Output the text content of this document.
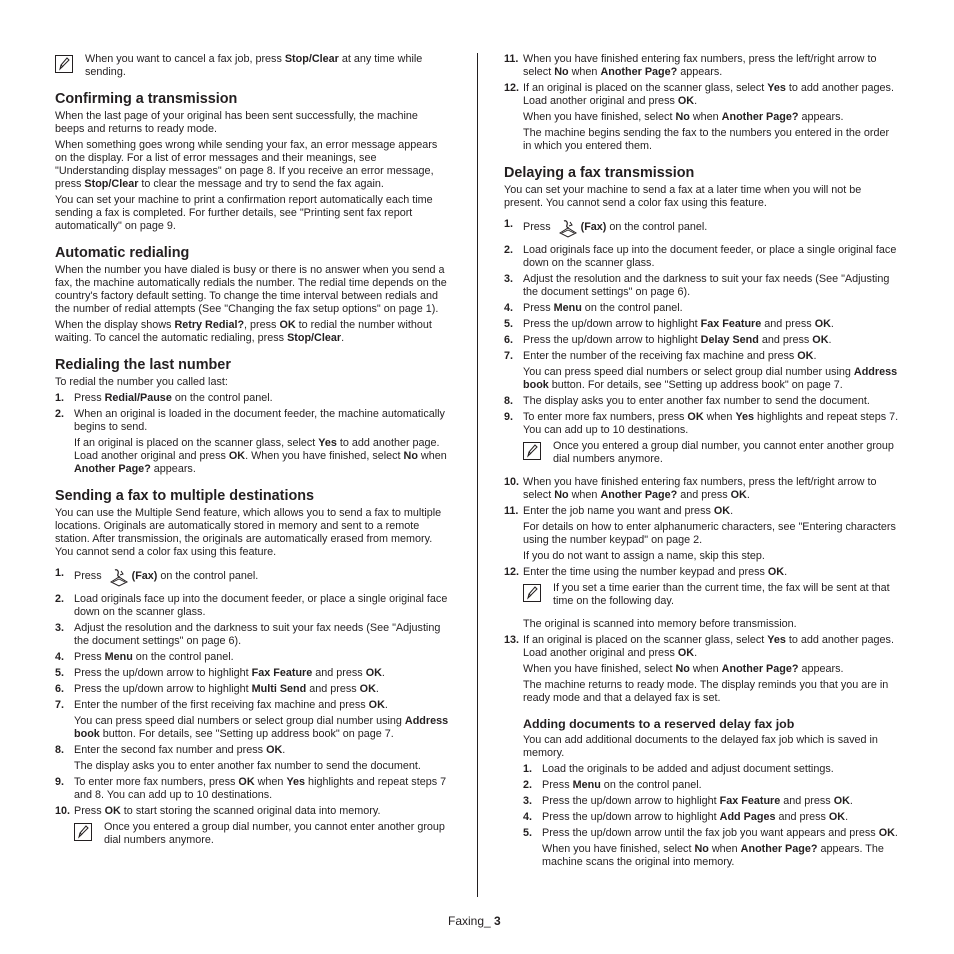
When you want to cancel a fax job, press Stop/Clear at any time while sending.
Confirming a transmission

When the last page of your original has been sent successfully, the machine beeps and returns to ready mode.

When something goes wrong while sending your fax, an error message appears on the display. For a list of error messages and their meanings, see "Understanding display messages" on page 8. If you receive an error message, press Stop/Clear to clear the message and try to send the fax again.

You can set your machine to print a confirmation report automatically each time sending a fax is completed. For further details, see "Printing sent fax report automatically" on page 9.

Automatic redialing

When the number you have dialed is busy or there is no answer when you send a fax, the machine automatically redials the number. The redial time depends on the country's factory default setting. To change the time interval between redials and the number of redial attempts (See "Changing the fax setup options" on page 1).

When the display shows Retry Redial?, press OK to redial the number without waiting. To cancel the automatic redialing, press Stop/Clear.

Redialing the last number

To redial the number you called last:

1. Press Redial/Pause on the control panel.
2. When an original is loaded in the document feeder, the machine automatically begins to send.

If an original is placed on the scanner glass, select Yes to add another page. Load another original and press OK. When you have finished, select No when Another Page? appears.

Sending a fax to multiple destinations

You can use the Multiple Send feature, which allows you to send a fax to multiple locations. Originals are automatically stored in memory and sent to a remote station. After transmission, the originals are automatically erased from memory. You cannot send a color fax using this feature.

1. Press	(Fax) on the control panel.
2. Load originals face up into the document feeder, or place a single original face down on the scanner glass.
3. Adjust the resolution and the darkness to suit your fax needs (See "Adjusting the document settings" on page 6).
4. Press Menu on the control panel.
5. Press the up/down arrow to highlight Fax Feature and press OK.
6. Press the up/down arrow to highlight Multi Send and press OK.
7. Enter the number of the first receiving fax machine and press OK.

You can press speed dial numbers or select group dial number using Address book button. For details, see "Setting up address book" on page 7.

8. Enter the second fax number and press OK.

The display asks you to enter another fax number to send the document.

9. To enter more fax numbers, press OK when Yes highlights and repeat steps 7 and 8. You can add up to 10 destinations.
10. Press OK to start storing the scanned original data into memory.
Once you entered a group dial number, you cannot enter another group dial numbers anymore.
11. When you have finished entering fax numbers, press the left/right arrow to select No when Another Page? appears.
12. If an original is placed on the scanner glass, select Yes to add another pages. Load another original and press OK.

When you have finished, select No when Another Page? appears.

The machine begins sending the fax to the numbers you entered in the order in which you entered them.

Delaying a fax transmission

You can set your machine to send a fax at a later time when you will not be present. You cannot send a color fax using this feature.

1. Press	(Fax) on the control panel.
2. Load originals face up into the document feeder, or place a single original face down on the scanner glass.
3. Adjust the resolution and the darkness to suit your fax needs (See "Adjusting the document settings" on page 6).
4. Press Menu on the control panel.
5. Press the up/down arrow to highlight Fax Feature and press OK.
6. Press the up/down arrow to highlight Delay Send and press OK.
7. Enter the number of the receiving fax machine and press OK.

You can press speed dial numbers or select group dial number using Address book button. For details, see "Setting up address book" on page 7.

8. The display asks you to enter another fax number to send the document.
9. To enter more fax numbers, press OK when Yes highlights and repeat steps 7. You can add up to 10 destinations.
Once you entered a group dial number, you cannot enter another group dial numbers anymore.
10. When you have finished entering fax numbers, press the left/right arrow to select No when Another Page? and press OK.
11. Enter the job name you want and press OK.

For details on how to enter alphanumeric characters, see "Entering characters using the number keypad" on page 2.

If you do not want to assign a name, skip this step.

12. Enter the time using the number keypad and press OK.
If you set a time earier than the current time, the fax will be sent at that time on the following day.

The original is scanned into memory before transmission.

13. If an original is placed on the scanner glass, select Yes to add another pages. Load another original and press OK.

When you have finished, select No when Another Page? appears.

The machine returns to ready mode. The display reminds you that you are in ready mode and that a delayed fax is set.

Adding documents to a reserved delay fax job

You can add additional documents to the delayed fax job which is saved in memory.

1. Load the originals to be added and adjust document settings.
2. Press Menu on the control panel.
3. Press the up/down arrow to highlight Fax Feature and press OK.
4. Press the up/down arrow to highlight Add Pages and press OK.
5. Press the up/down arrow until the fax job you want appears and press OK.

When you have finished, select No when Another Page? appears. The machine scans the original into memory.

Faxing_ 3
